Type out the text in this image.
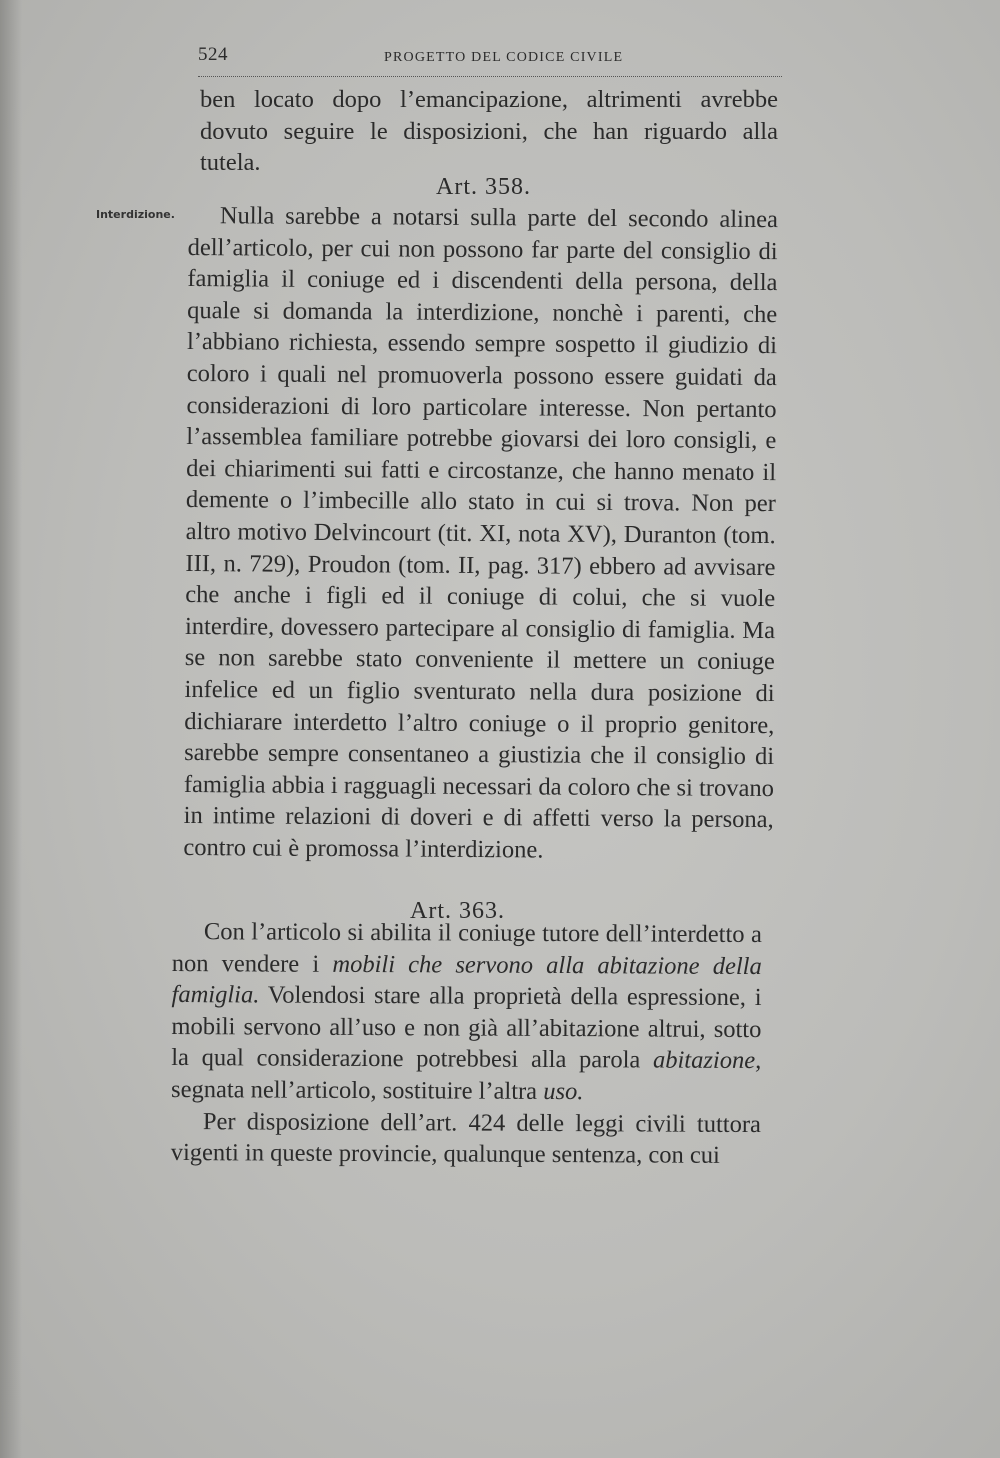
524	PROGETTO DEL CODICE CIVILE

ben locato dopo l’emancipazione, altrimenti avrebbe dovuto seguire le disposizioni, che han riguardo alla tutela.

Art. 358.
Interdizione.	Nulla sarebbe a notarsi sulla parte del secondo alinea dell’articolo, per cui non possono far parte del consiglio di famiglia il coniuge ed i discendenti della persona, della quale si domanda la interdizione, nonchè i parenti, che l’abbiano richiesta, essendo sempre sospetto il giudizio di coloro i quali nel promuoverla possono essere guidati da considerazioni di loro particolare interesse. Non pertanto l’assemblea familiare potrebbe giovarsi dei loro consigli, e dei chiarimenti sui fatti e circostanze, che hanno menato il demente o l’imbecille allo stato in cui si trova. Non per altro motivo Delvincourt (tit. XI, nota XV), Duranton (tom. III, n. 729), Proudon (tom. II, pag. 317) ebbero ad avvisare che anche i figli ed il coniuge di colui, che si vuole interdire, dovessero partecipare al consiglio di famiglia. Ma se non sarebbe stato conveniente il mettere un coniuge infelice ed un figlio sventurato nella dura posizione di dichiarare interdetto l’altro coniuge o il proprio genitore, sarebbe sempre consentaneo a giustizia che il consiglio di famiglia abbia i ragguagli necessari da coloro che si trovano in intime relazioni di doveri e di affetti verso la persona, contro cui è promossa l’interdizione.

Art. 363.

Con l’articolo si abilita il coniuge tutore dell’interdetto a non vendere i mobili che servono alla abitazione della famiglia. Volendosi stare alla proprietà della espressione, i mobili servono all’uso e non già all’abitazione altrui, sotto la qual considerazione potrebbesi alla parola abitazione, segnata nell’articolo, sostituire l’altra uso.

Per disposizione dell’art. 424 delle leggi civili tuttora vigenti in queste provincie, qualunque sentenza, con cui
